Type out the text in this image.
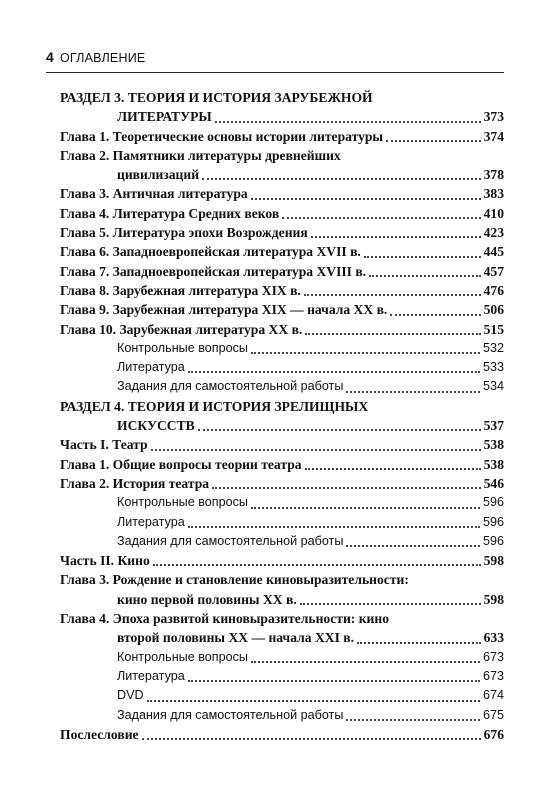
4 ОГЛАВЛЕНИЕ
РАЗДЕЛ 3. ТЕОРИЯ И ИСТОРИЯ ЗАРУБЕЖНОЙ
ЛИТЕРАТУРЫ	373
Глава 1. Теоретические основы истории литературы	374
Глава 2. Памятники литературы древнейших
цивилизаций	378
Глава 3. Античная литература	383
Глава 4. Литература Средних веков	410
Глава 5. Литература эпохи Возрождения	423
Глава 6. Западноевропейская литература XVII в.	445
Глава 7. Западноевропейская литература XVIII в.	457
Глава 8. Зарубежная литература XIX в.	476
Глава 9. Зарубежная литература XIX — начала XX в.	506
Глава 10. Зарубежная литература XX в.	515
Контрольные вопросы	532
Литература	533
Задания для самостоятельной работы	534
РАЗДЕЛ 4. ТЕОРИЯ И ИСТОРИЯ ЗРЕЛИЩНЫХ
ИСКУССТВ	537
Часть I. Театр	538
Глава 1. Общие вопросы теории театра	538
Глава 2. История театра	546
Контрольные вопросы	596
Литература	596
Задания для самостоятельной работы	596
Часть II. Кино	598
Глава 3. Рождение и становление киновыразительности:
кино первой половины XX в.	598
Глава 4. Эпоха развитой киновыразительности: кино
второй половины XX — начала XXI в.	633
Контрольные вопросы	673
Литература	673
DVD	674
Задания для самостоятельной работы	675
Послесловие	676
